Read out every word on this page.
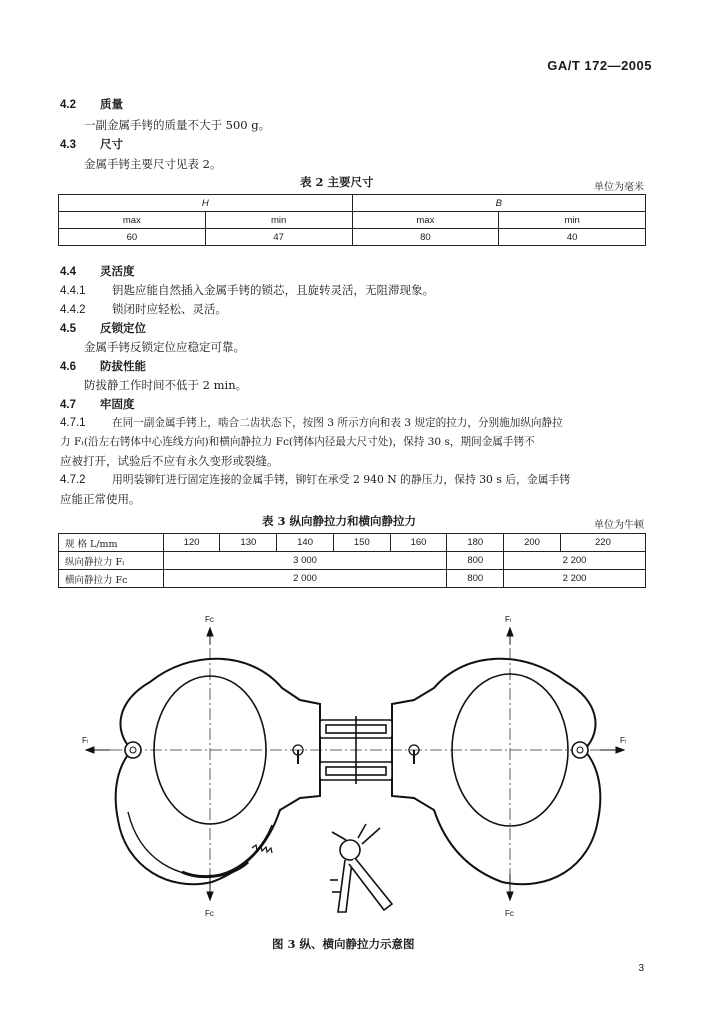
GA/T 172—2005
4.2 质量
一副金属手铐的质量不大于 500 g。
4.3 尺寸
金属手铐主要尺寸见表 2。
表 2 主要尺寸	单位为毫米
H		B	
max	min	max	min
60	47	80	40
4.4 灵活度
4.4.1 钥匙应能自然插入金属手铐的锁芯，且旋转灵活，无阻滞现象。
4.4.2 锁闭时应轻松、灵活。
4.5 反锁定位
金属手铐反锁定位应稳定可靠。
4.6 防拔性能
防拔静工作时间不低于 2 min。
4.7 牢固度
4.7.1 在同一副金属手铐上，啮合二齿状态下，按图 3 所示方向和表 3 规定的拉力，分别施加纵向静拉
力 Fₗ(沿左右铐体中心连线方向)和横向静拉力 Fᴄ(铐体内径最大尺寸处)，保持 30 s，期间金属手铐不
应被打开，试验后不应有永久变形或裂缝。
4.7.2 用明装铆钉进行固定连接的金属手铐，铆钉在承受 2 940 N 的静压力，保持 30 s 后，金属手铐
应能正常使用。
表 3 纵向静拉力和横向静拉力	单位为牛顿
规 格 L/mm	120	130	140	150	160	180	200	220
纵向静拉力 Fₗ	3 000					800	2 200	
横向静拉力 Fᴄ	2 000					800	2 200	
Fₗ	Fₗ
Fᴄ	Fₗ
Fᴄ	Fᴄ
图 3 纵、横向静拉力示意图
3
